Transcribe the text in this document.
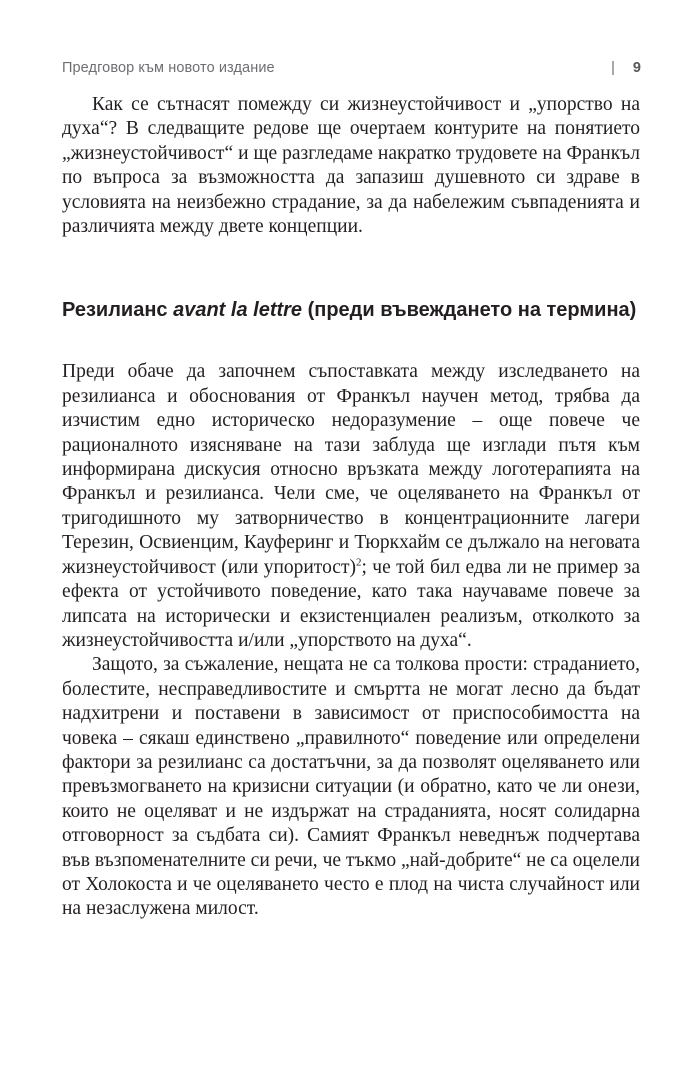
Предговор към новото издание	| 9

Как се сътнасят помежду си жизнеустойчивост и „упорство на духа“? В следващите редове ще очертаем контурите на понятието „жизнеустойчивост“ и ще разгледаме накратко трудовете на Франкъл по въпроса за възможността да запазиш душевното си здраве в условията на неизбежно страдание, за да набележим съвпаденията и различията между двете концепции.

Резилианс avant la lettre (преди въвеждането на термина)

Преди обаче да започнем съпоставката между изследването на резилианса и обоснования от Франкъл научен метод, трябва да изчистим едно историческо недоразумение – още повече че рационалното изясняване на тази заблуда ще изглади пътя към информирана дискусия относно връзката между логотерапията на Франкъл и резилианса. Чели сме, че оцеляването на Франкъл от тригодишното му затворничество в концентрационните лагери Терезин, Освиенцим, Кауферинг и Тюркхайм се дължало на неговата жизнеустойчивост (или упоритост)$^2$; че той бил едва ли не пример за ефекта от устойчивото поведение, като така научаваме повече за липсата на исторически и екзистенциален реализъм, отколкото за жизнеустойчивостта и/или „упорството на духа“.

Защото, за съжаление, нещата не са толкова прости: страданието, болестите, несправедливостите и смъртта не могат лесно да бъдат надхитрени и поставени в зависимост от приспособимостта на човека – сякаш единствено „правилното“ поведение или определени фактори за резилианс са достатъчни, за да позволят оцеляването или превъзмогването на кризисни ситуации (и обратно, като че ли онези, които не оцеляват и не издържат на страданията, носят солидарна отговорност за съдбата си). Самият Франкъл неведнъж подчертава във възпоменателните си речи, че тъкмо „най-добрите“ не са оцелели от Холокоста и че оцеляването често е плод на чиста случайност или на незаслужена милост.
